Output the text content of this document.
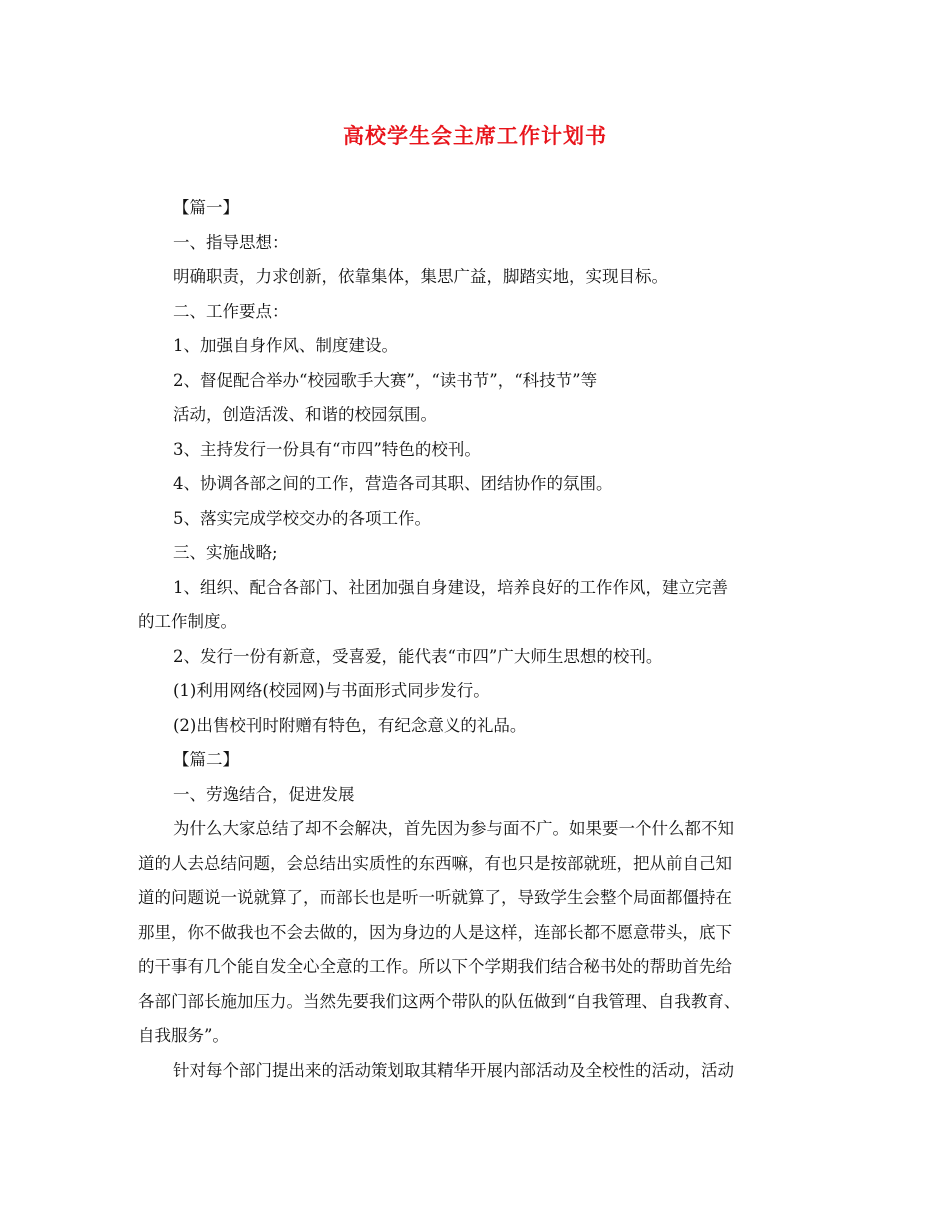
高校学生会主席工作计划书

【篇一】

一、指导思想：

明确职责，力求创新，依靠集体，集思广益，脚踏实地，实现目标。

二、工作要点：

1、加强自身作风、制度建设。

2、督促配合举办“校园歌手大赛”，“读书节”，“科技节”等

活动，创造活泼、和谐的校园氛围。

3、主持发行一份具有“市四”特色的校刊。

4、协调各部之间的工作，营造各司其职、团结协作的氛围。

5、落实完成学校交办的各项工作。

三、实施战略;

1、组织、配合各部门、社团加强自身建设，培养良好的工作作风，建立完善

的工作制度。

2、发行一份有新意，受喜爱，能代表“市四”广大师生思想的校刊。

(1)利用网络(校园网)与书面形式同步发行。

(2)出售校刊时附赠有特色，有纪念意义的礼品。

【篇二】

一、劳逸结合，促进发展

为什么大家总结了却不会解决，首先因为参与面不广。如果要一个什么都不知

道的人去总结问题，会总结出实质性的东西嘛，有也只是按部就班，把从前自己知

道的问题说一说就算了，而部长也是听一听就算了，导致学生会整个局面都僵持在

那里，你不做我也不会去做的，因为身边的人是这样，连部长都不愿意带头，底下

的干事有几个能自发全心全意的工作。所以下个学期我们结合秘书处的帮助首先给

各部门部长施加压力。当然先要我们这两个带队的队伍做到“自我管理、自我教育、

自我服务”。

针对每个部门提出来的活动策划取其精华开展内部活动及全校性的活动，活动
